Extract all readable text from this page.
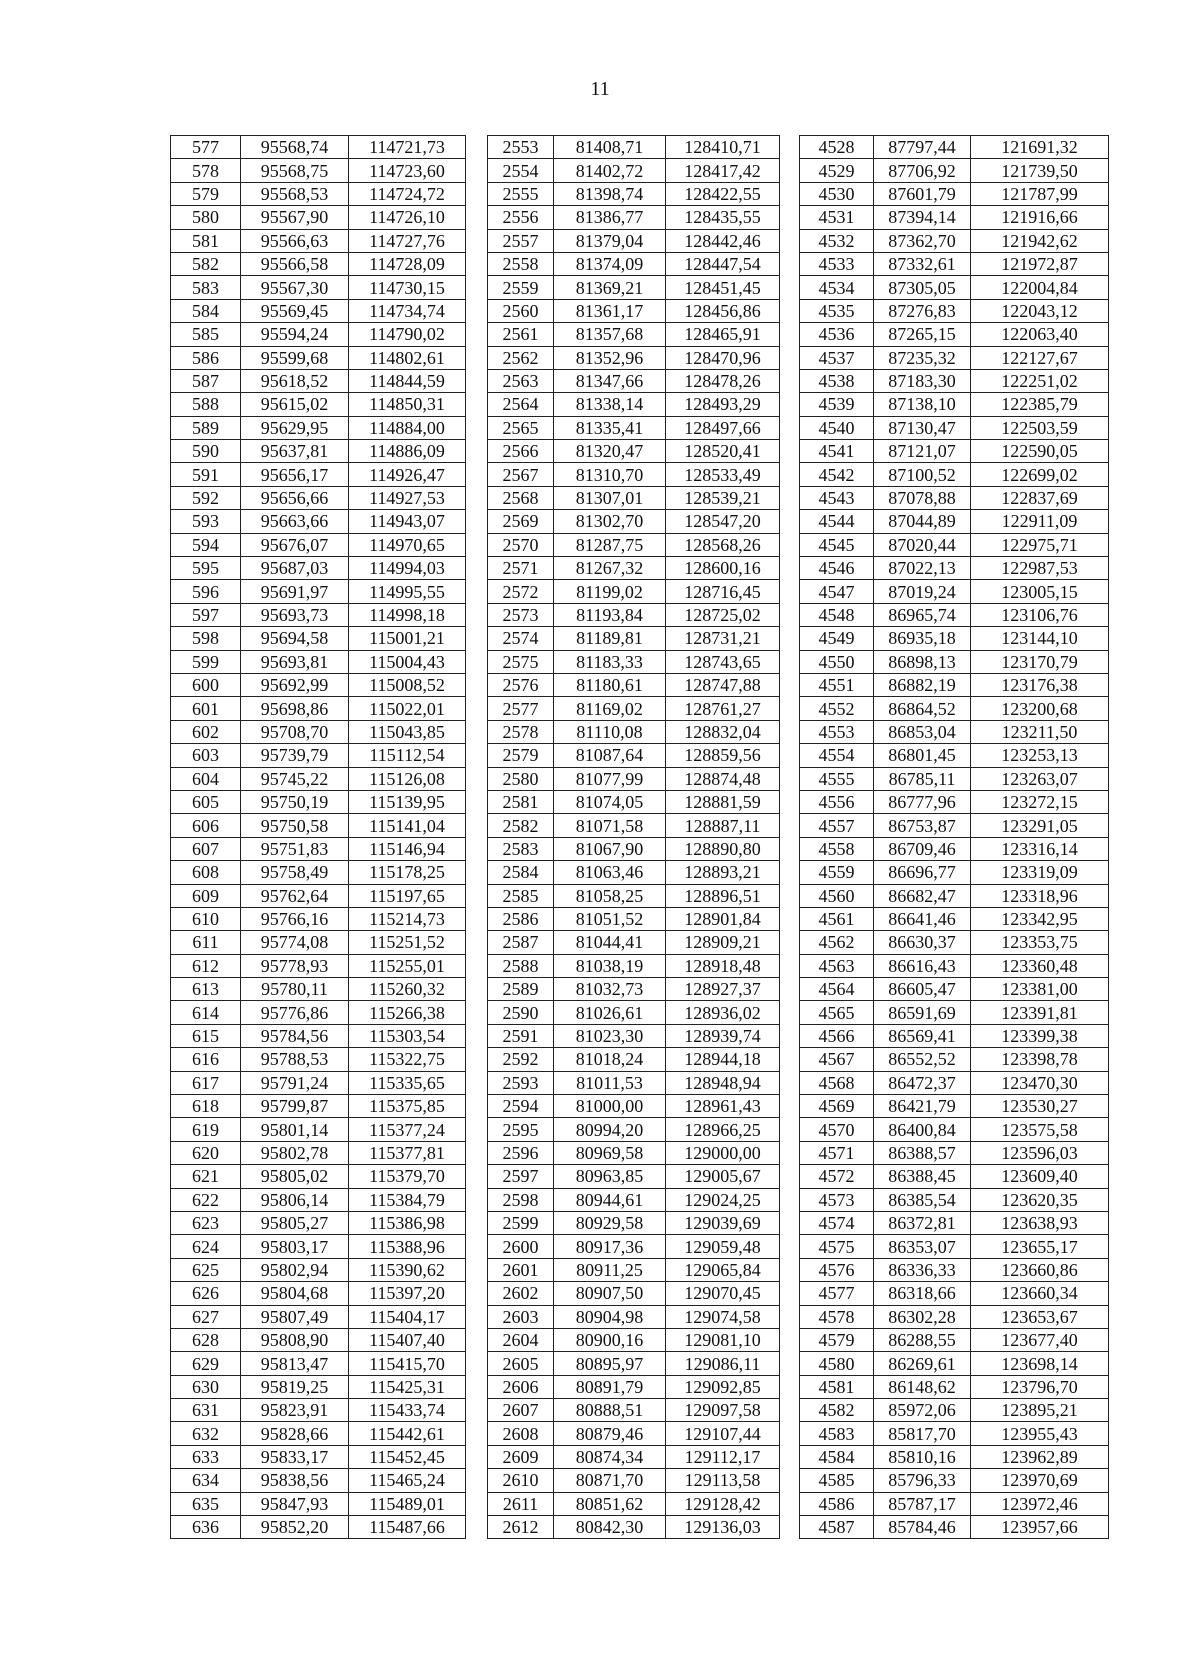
11
577	95568,74	114721,73		2553	81408,71	128410,71		4528	87797,44	121691,32
578	95568,75	114723,60		2554	81402,72	128417,42		4529	87706,92	121739,50
579	95568,53	114724,72		2555	81398,74	128422,55		4530	87601,79	121787,99
580	95567,90	114726,10		2556	81386,77	128435,55		4531	87394,14	121916,66
581	95566,63	114727,76		2557	81379,04	128442,46		4532	87362,70	121942,62
582	95566,58	114728,09		2558	81374,09	128447,54		4533	87332,61	121972,87
583	95567,30	114730,15		2559	81369,21	128451,45		4534	87305,05	122004,84
584	95569,45	114734,74		2560	81361,17	128456,86		4535	87276,83	122043,12
585	95594,24	114790,02		2561	81357,68	128465,91		4536	87265,15	122063,40
586	95599,68	114802,61		2562	81352,96	128470,96		4537	87235,32	122127,67
587	95618,52	114844,59		2563	81347,66	128478,26		4538	87183,30	122251,02
588	95615,02	114850,31		2564	81338,14	128493,29		4539	87138,10	122385,79
589	95629,95	114884,00		2565	81335,41	128497,66		4540	87130,47	122503,59
590	95637,81	114886,09		2566	81320,47	128520,41		4541	87121,07	122590,05
591	95656,17	114926,47		2567	81310,70	128533,49		4542	87100,52	122699,02
592	95656,66	114927,53		2568	81307,01	128539,21		4543	87078,88	122837,69
593	95663,66	114943,07		2569	81302,70	128547,20		4544	87044,89	122911,09
594	95676,07	114970,65		2570	81287,75	128568,26		4545	87020,44	122975,71
595	95687,03	114994,03		2571	81267,32	128600,16		4546	87022,13	122987,53
596	95691,97	114995,55		2572	81199,02	128716,45		4547	87019,24	123005,15
597	95693,73	114998,18		2573	81193,84	128725,02		4548	86965,74	123106,76
598	95694,58	115001,21		2574	81189,81	128731,21		4549	86935,18	123144,10
599	95693,81	115004,43		2575	81183,33	128743,65		4550	86898,13	123170,79
600	95692,99	115008,52		2576	81180,61	128747,88		4551	86882,19	123176,38
601	95698,86	115022,01		2577	81169,02	128761,27		4552	86864,52	123200,68
602	95708,70	115043,85		2578	81110,08	128832,04		4553	86853,04	123211,50
603	95739,79	115112,54		2579	81087,64	128859,56		4554	86801,45	123253,13
604	95745,22	115126,08		2580	81077,99	128874,48		4555	86785,11	123263,07
605	95750,19	115139,95		2581	81074,05	128881,59		4556	86777,96	123272,15
606	95750,58	115141,04		2582	81071,58	128887,11		4557	86753,87	123291,05
607	95751,83	115146,94		2583	81067,90	128890,80		4558	86709,46	123316,14
608	95758,49	115178,25		2584	81063,46	128893,21		4559	86696,77	123319,09
609	95762,64	115197,65		2585	81058,25	128896,51		4560	86682,47	123318,96
610	95766,16	115214,73		2586	81051,52	128901,84		4561	86641,46	123342,95
611	95774,08	115251,52		2587	81044,41	128909,21		4562	86630,37	123353,75
612	95778,93	115255,01		2588	81038,19	128918,48		4563	86616,43	123360,48
613	95780,11	115260,32		2589	81032,73	128927,37		4564	86605,47	123381,00
614	95776,86	115266,38		2590	81026,61	128936,02		4565	86591,69	123391,81
615	95784,56	115303,54		2591	81023,30	128939,74		4566	86569,41	123399,38
616	95788,53	115322,75		2592	81018,24	128944,18		4567	86552,52	123398,78
617	95791,24	115335,65		2593	81011,53	128948,94		4568	86472,37	123470,30
618	95799,87	115375,85		2594	81000,00	128961,43		4569	86421,79	123530,27
619	95801,14	115377,24		2595	80994,20	128966,25		4570	86400,84	123575,58
620	95802,78	115377,81		2596	80969,58	129000,00		4571	86388,57	123596,03
621	95805,02	115379,70		2597	80963,85	129005,67		4572	86388,45	123609,40
622	95806,14	115384,79		2598	80944,61	129024,25		4573	86385,54	123620,35
623	95805,27	115386,98		2599	80929,58	129039,69		4574	86372,81	123638,93
624	95803,17	115388,96		2600	80917,36	129059,48		4575	86353,07	123655,17
625	95802,94	115390,62		2601	80911,25	129065,84		4576	86336,33	123660,86
626	95804,68	115397,20		2602	80907,50	129070,45		4577	86318,66	123660,34
627	95807,49	115404,17		2603	80904,98	129074,58		4578	86302,28	123653,67
628	95808,90	115407,40		2604	80900,16	129081,10		4579	86288,55	123677,40
629	95813,47	115415,70		2605	80895,97	129086,11		4580	86269,61	123698,14
630	95819,25	115425,31		2606	80891,79	129092,85		4581	86148,62	123796,70
631	95823,91	115433,74		2607	80888,51	129097,58		4582	85972,06	123895,21
632	95828,66	115442,61		2608	80879,46	129107,44		4583	85817,70	123955,43
633	95833,17	115452,45		2609	80874,34	129112,17		4584	85810,16	123962,89
634	95838,56	115465,24		2610	80871,70	129113,58		4585	85796,33	123970,69
635	95847,93	115489,01		2611	80851,62	129128,42		4586	85787,17	123972,46
636	95852,20	115487,66		2612	80842,30	129136,03		4587	85784,46	123957,66
